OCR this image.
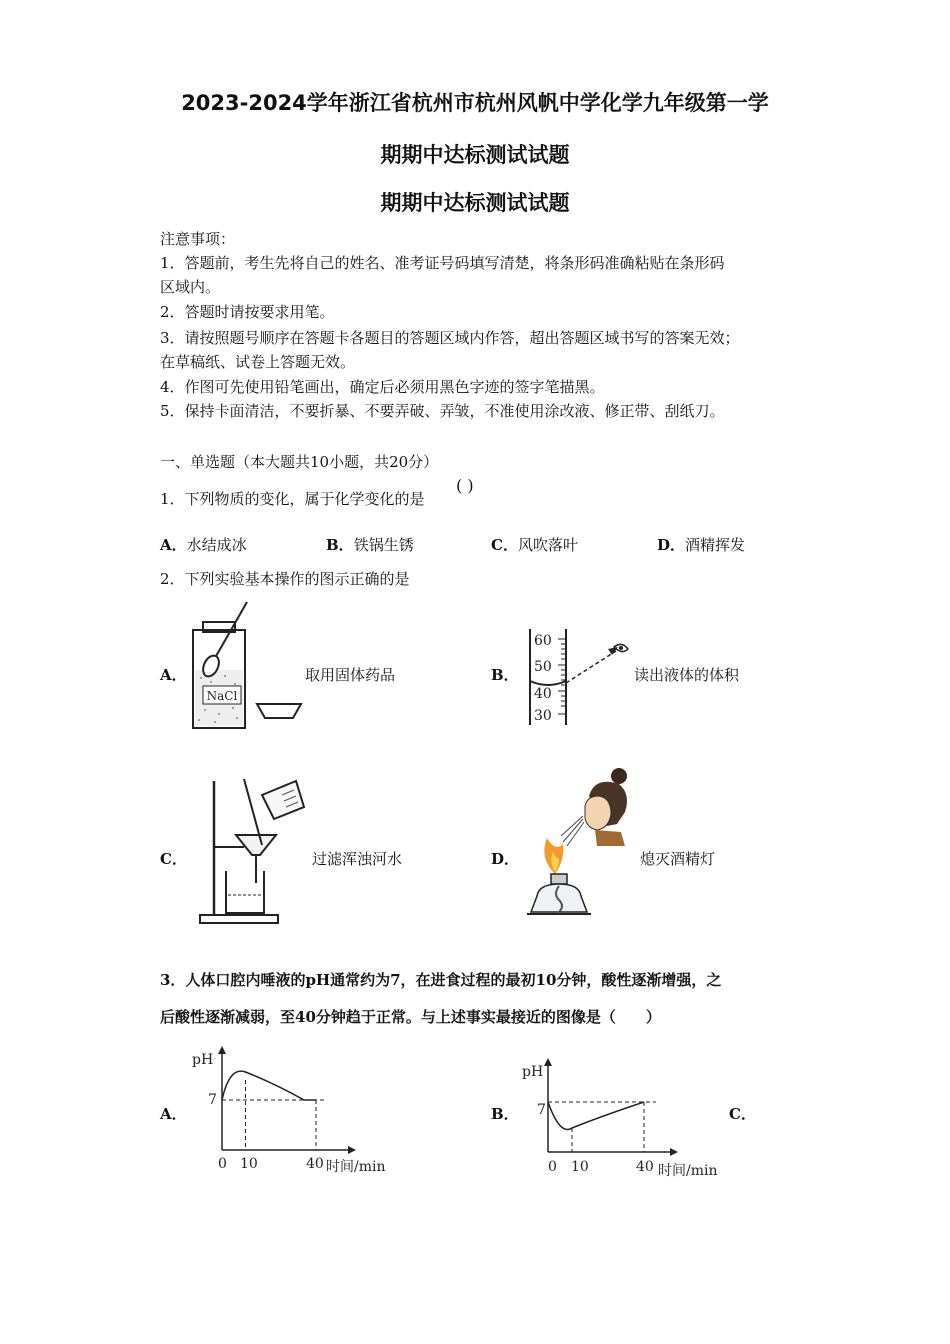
2023-2024学年浙江省杭州市杭州风帆中学化学九年级第一学
期期中达标测试试题
期期中达标测试试题
注意事项：
1．答题前，考生先将自己的姓名、准考证号码填写清楚，将条形码准确粘贴在条形码
区域内。
2．答题时请按要求用笔。
3．请按照题号顺序在答题卡各题目的答题区域内作答，超出答题区域书写的答案无效；
在草稿纸、试卷上答题无效。
4．作图可先使用铅笔画出，确定后必须用黑色字迹的签字笔描黑。
5．保持卡面清洁，不要折暴、不要弄破、弄皱，不准使用涂改液、修正带、刮纸刀。
一、单选题（本大题共10小题，共20分）
1．下列物质的变化，属于化学变化的是
( )
A．水结成冰	B．铁锅生锈	C．风吹落叶	D．酒精挥发
2．下列实验基本操作的图示正确的是
A．
NaCl
取用固体药品	B．
60
50
40
30
读出液体的体积
C．	过滤浑浊河水	D．	熄灭酒精灯
3．人体口腔内唾液的pH通常约为7，在进食过程的最初10分钟，酸性逐渐增强，之
后酸性逐渐减弱，至40分钟趋于正常。与上述事实最接近的图像是（　　）
A．
pH
7
0 10	40 时间/min
B．
pH
7
0 10	40 时间/min
C．
